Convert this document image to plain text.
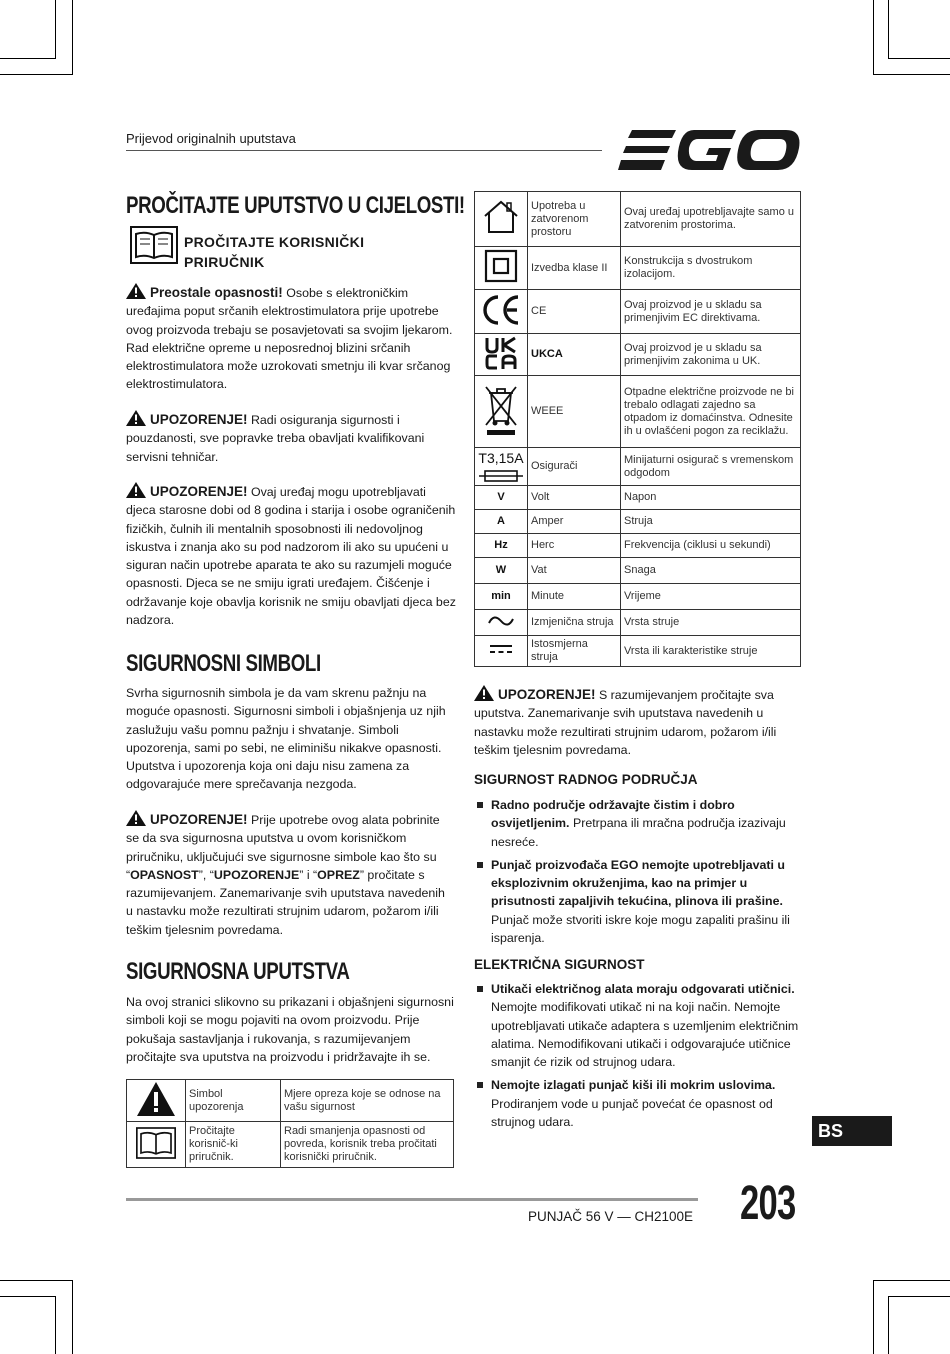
Prijevod originalnih uputstava
PROČITAJTE UPUTSTVO U CIJELOSTI!
PROČITAJTE KORISNIČKI PRIRUČNIK
Preostale opasnosti! Osobe s elektroničkim uređajima poput srčanih elektrostimulatora prije upotrebe ovog proizvoda trebaju se posavjetovati sa svojim ljekarom. Rad električne opreme u neposrednoj blizini srčanih elektrostimulatora može uzrokovati smetnju ili kvar srčanog elektrostimulatora.
UPOZORENJE! Radi osiguranja sigurnosti i pouzdanosti, sve popravke treba obavljati kvalifikovani servisni tehničar.
UPOZORENJE! Ovaj uređaj mogu upotrebljavati djeca starosne dobi od 8 godina i starija i osobe ograničenih fizičkih, čulnih ili mentalnih sposobnosti ili nedovoljnog iskustva i znanja ako su pod nadzorom ili ako su upućeni u siguran način upotrebe aparata te ako su razumjeli moguće opasnosti. Djeca se ne smiju igrati uređajem. Čišćenje i održavanje koje obavlja korisnik ne smiju obavljati djeca bez nadzora.
SIGURNOSNI SIMBOLI
Svrha sigurnosnih simbola je da vam skrenu pažnju na moguće opasnosti. Sigurnosni simboli i objašnjenja uz njih zaslužuju vašu pomnu pažnju i shvatanje. Simboli upozorenja, sami po sebi, ne eliminišu nikakve opasnosti. Uputstva i upozorenja koja oni daju nisu zamena za odgovarajuće mere sprečavanja nezgoda.
UPOZORENJE! Prije upotrebe ovog alata pobrinite se da sva sigurnosna uputstva u ovom korisničkom priručniku, uključujući sve sigurnosne simbole kao što su “OPASNOST”, “UPOZORENJE” i “OPREZ” pročitate s razumijevanjem. Zanemarivanje svih uputstava navedenih u nastavku može rezultirati strujnim udarom, požarom i/ili teškim tjelesnim povredama.
SIGURNOSNA UPUTSTVA
Na ovoj stranici slikovno su prikazani i objašnjeni sigurnosni simboli koji se mogu pojaviti na ovom proizvodu. Prije pokušaja sastavljanja i rukovanja, s razumijevanjem pročitajte sva uputstva na proizvodu i pridržavajte ih se.
	Simbol upozorenja	Mjere opreza koje se odnose na vašu sigurnost
	Pročitajte korisnič-ki priručnik.	Radi smanjenja opasnosti od povreda, korisnik treba pročitati korisnički priručnik.
	Upotreba u zatvorenom prostoru	Ovaj uređaj upotrebljavajte samo u zatvorenim prostorima.
	Izvedba klase II	Konstrukcija s dvostrukom izolacijom.
	CE	Ovaj proizvod je u skladu sa primenjivim EC direktivama.
	UKCA	Ovaj proizvod je u skladu sa primenjivim zakonima u UK.
	WEEE	Otpadne električne proizvode ne bi trebalo odlagati zajedno sa otpadom iz domaćinstva. Odnesite ih u ovlašćeni pogon za reciklažu.

T3,15A	Osigurači	Minijaturni osigurač s vremenskom odgodom
V	Volt	Napon
A	Amper	Struja
Hz	Herc	Frekvencija (ciklusi u sekundi)
W	Vat	Snaga
min	Minute	Vrijeme
	Izmjenična struja	Vrsta struje
	Istosmjerna struja	Vrsta ili karakteristike struje
UPOZORENJE! S razumijevanjem pročitajte sva uputstva. Zanemarivanje svih uputstava navedenih u nastavku može rezultirati strujnim udarom, požarom i/ili teškim tjelesnim povredama.
SIGURNOST RADNOG PODRUČJA
Radno područje održavajte čistim i dobro osvijetljenim. Pretrpana ili mračna područja izazivaju nesreće.
Punjač proizvođača EGO nemojte upotrebljavati u eksplozivnim okruženjima, kao na primjer u prisutnosti zapaljivih tekućina, plinova ili prašine. Punjač može stvoriti iskre koje mogu zapaliti prašinu ili isparenja.
ELEKTRIČNA SIGURNOST
Utikači električnog alata moraju odgovarati utičnici. Nemojte modifikovati utikač ni na koji način. Nemojte upotrebljavati utikače adaptera s uzemljenim električnim alatima. Nemodifikovani utikači i odgovarajuće utičnice smanjit će rizik od strujnog udara.
Nemojte izlagati punjač kiši ili mokrim uslovima. Prodiranjem vode u punjač povećat će opasnost od strujnog udara.	BS
PUNJAČ 56 V — CH2100E 203
